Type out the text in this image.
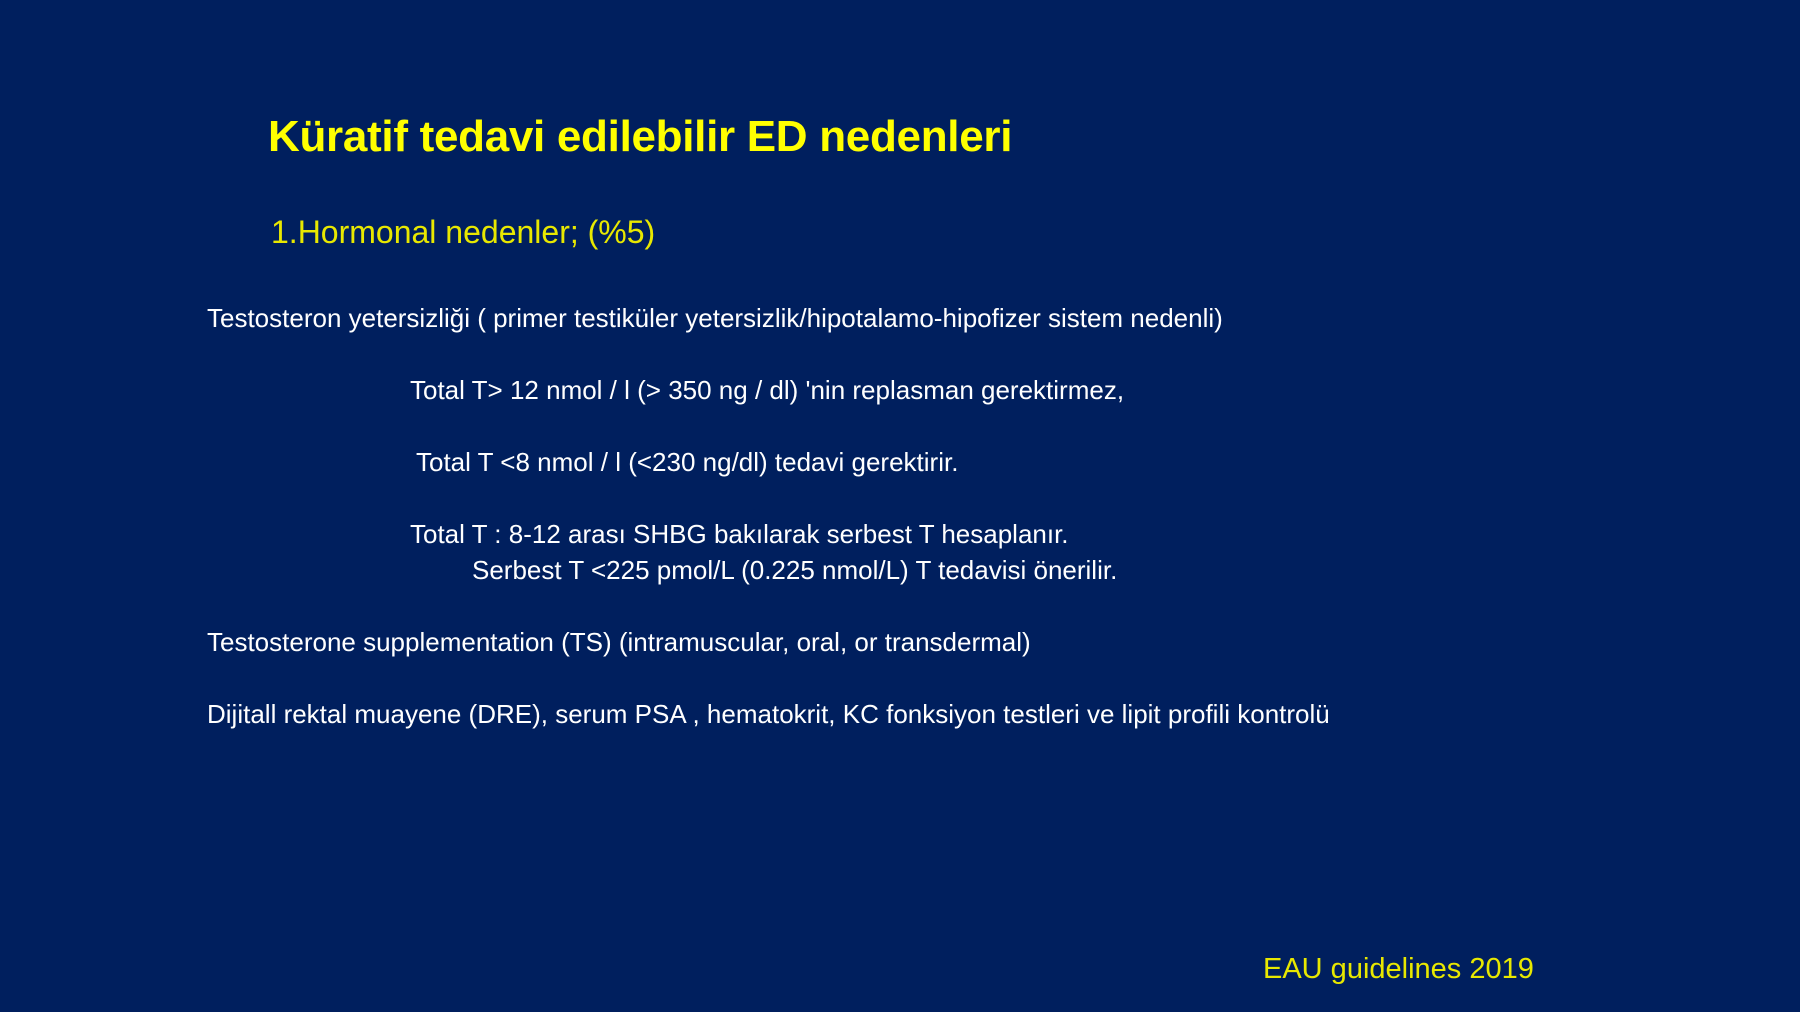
Küratif tedavi edilebilir ED nedenleri

1.Hormonal nedenler; (%5)

Testosteron yetersizliği ( primer testiküler yetersizlik/hipotalamo-hipofizer sistem nedenli)

Total T> 12 nmol / l (> 350 ng / dl) 'nin replasman gerektirmez,

Total T <8 nmol / l (<230 ng/dl) tedavi gerektirir.

Total T : 8-12 arası SHBG bakılarak serbest T hesaplanır.

Serbest T <225 pmol/L (0.225 nmol/L) T tedavisi önerilir.

Testosterone supplementation (TS) (intramuscular, oral, or transdermal)

Dijitall rektal muayene (DRE), serum PSA , hematokrit, KC fonksiyon testleri ve lipit profili kontrolü

EAU guidelines 2019
